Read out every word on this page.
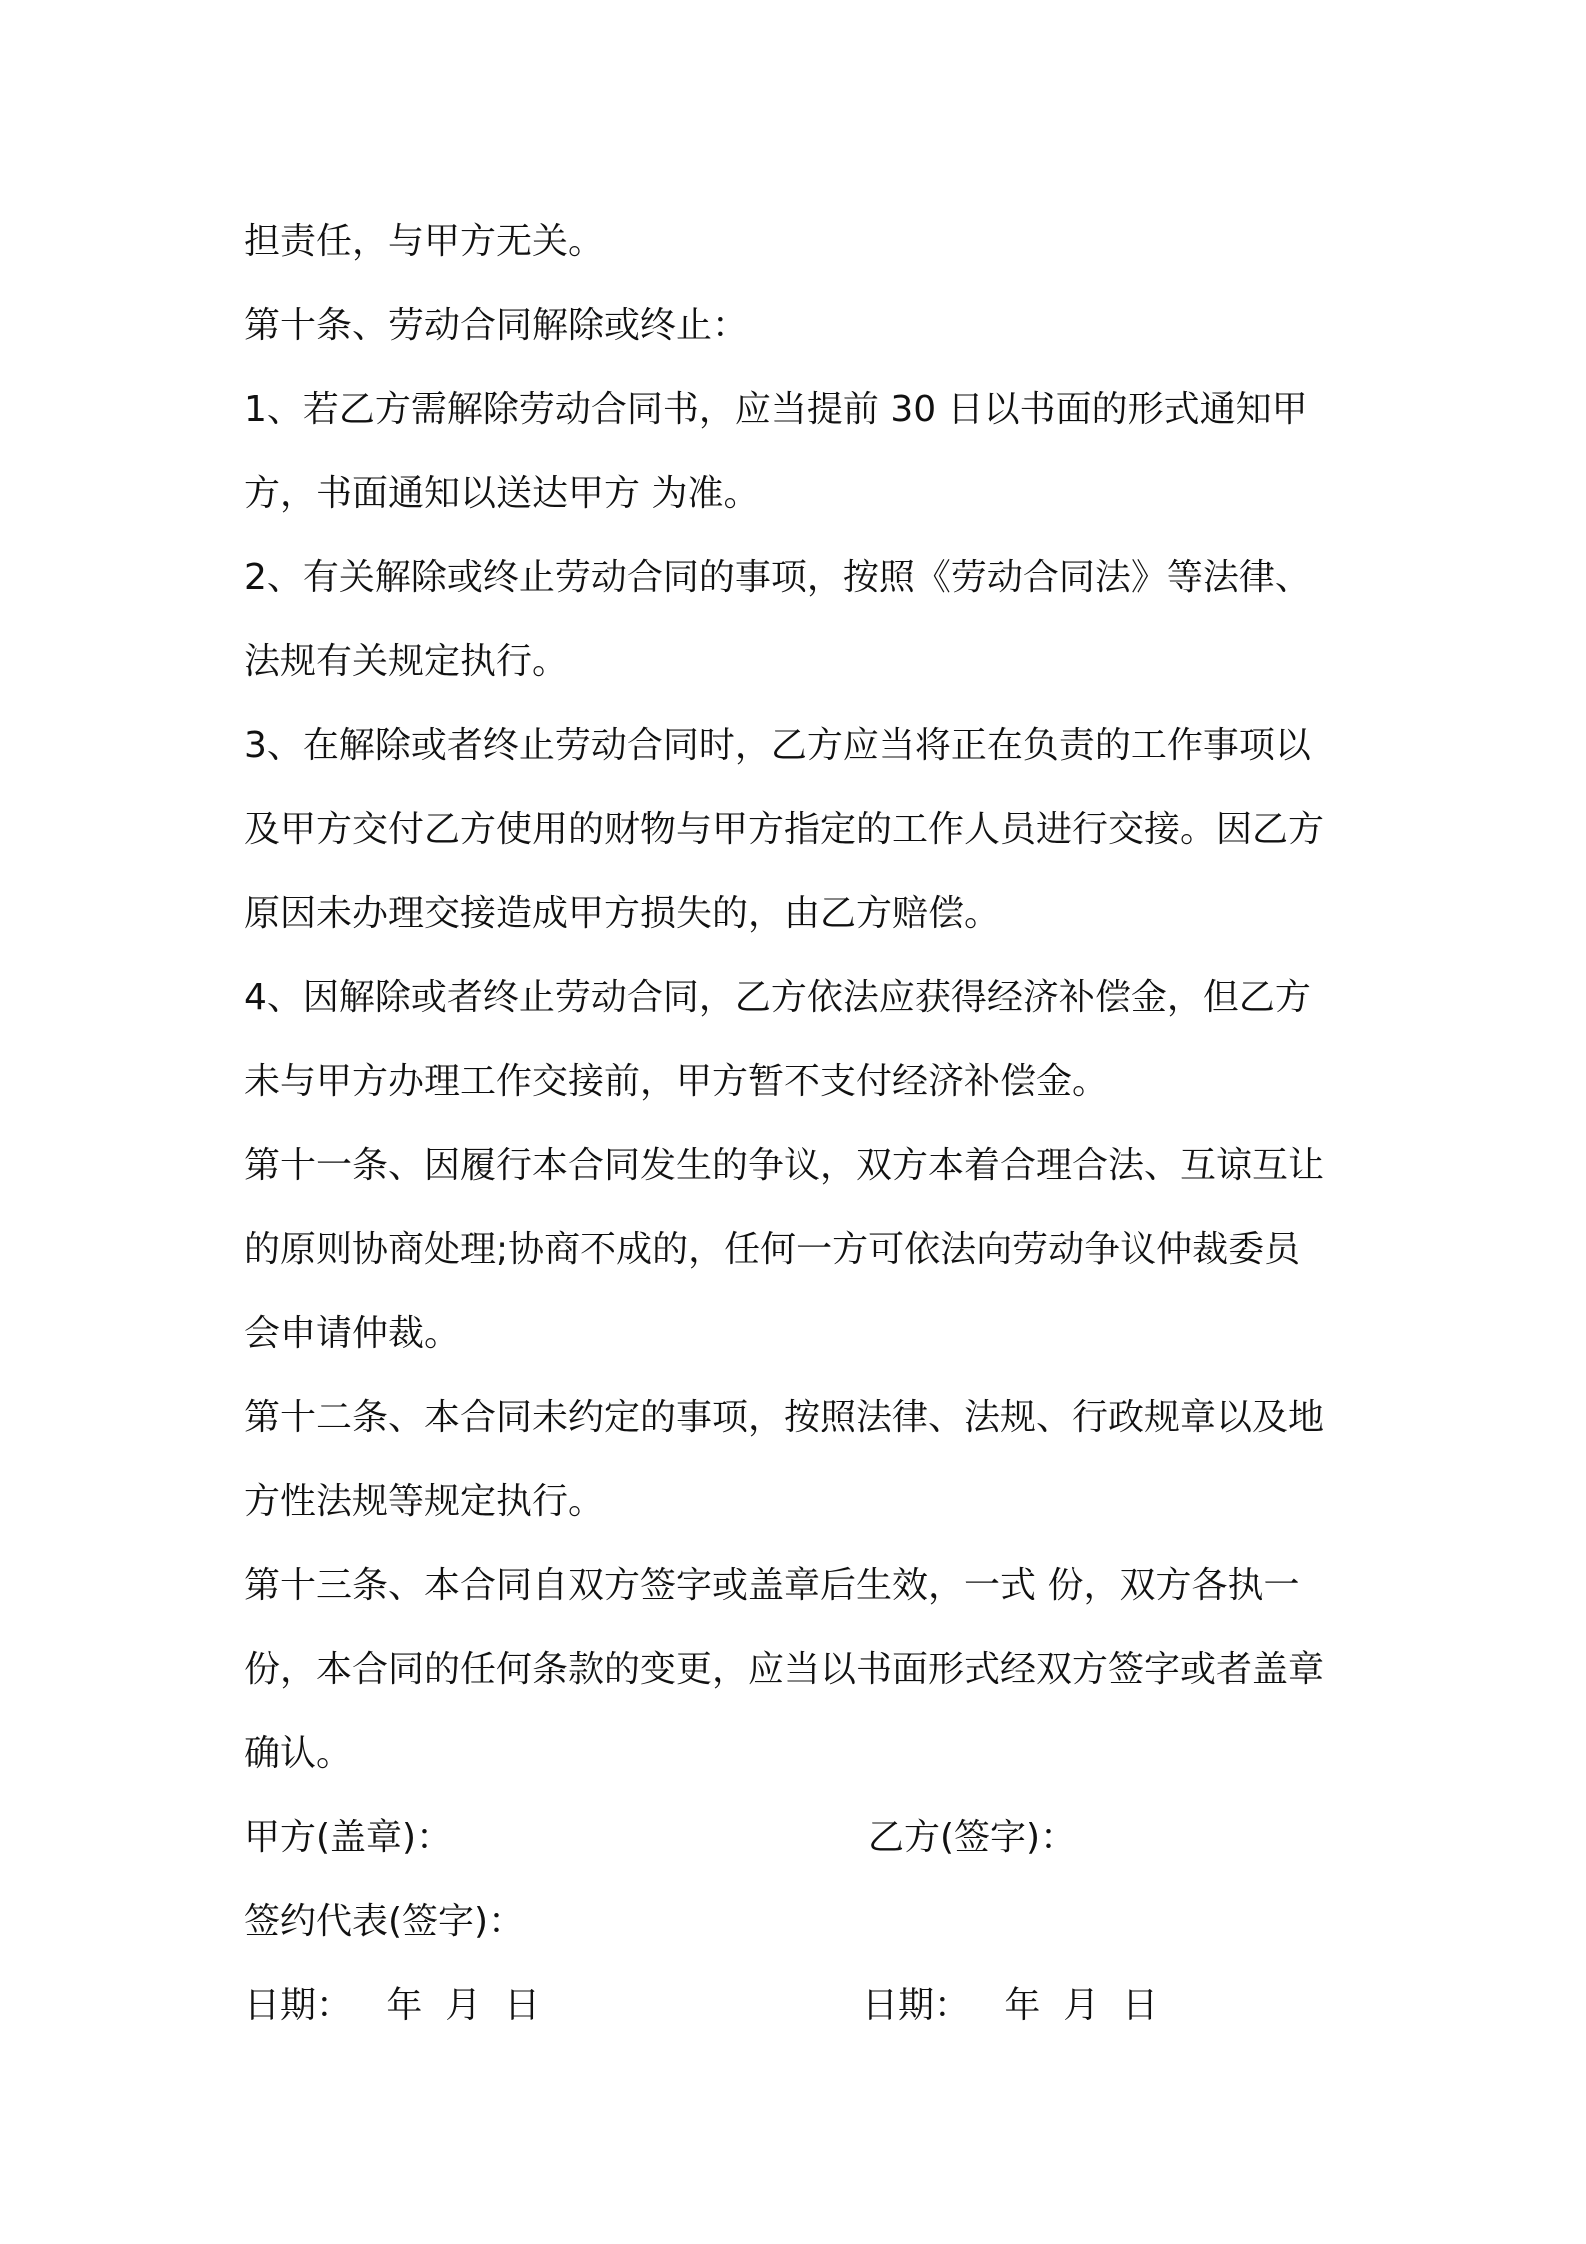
担责任，与甲方无关。
第十条、劳动合同解除或终止：
1、若乙方需解除劳动合同书，应当提前 30 日以书面的形式通知甲
方，书面通知以送达甲方 为准。
2、有关解除或终止劳动合同的事项，按照《劳动合同法》等法律、
法规有关规定执行。
3、在解除或者终止劳动合同时，乙方应当将正在负责的工作事项以
及甲方交付乙方使用的财物与甲方指定的工作人员进行交接。因乙方
原因未办理交接造成甲方损失的，由乙方赔偿。
4、因解除或者终止劳动合同，乙方依法应获得经济补偿金，但乙方
未与甲方办理工作交接前，甲方暂不支付经济补偿金。
第十一条、因履行本合同发生的争议，双方本着合理合法、互谅互让
的原则协商处理;协商不成的，任何一方可依法向劳动争议仲裁委员
会申请仲裁。
第十二条、本合同未约定的事项，按照法律、法规、行政规章以及地
方性法规等规定执行。
第十三条、本合同自双方签字或盖章后生效，一式 份，双方各执一
份，本合同的任何条款的变更，应当以书面形式经双方签字或者盖章
确认。
甲方(盖章)：	乙方(签字)：
签约代表(签字)：
日期：   年  月  日	日期：   年  月  日
